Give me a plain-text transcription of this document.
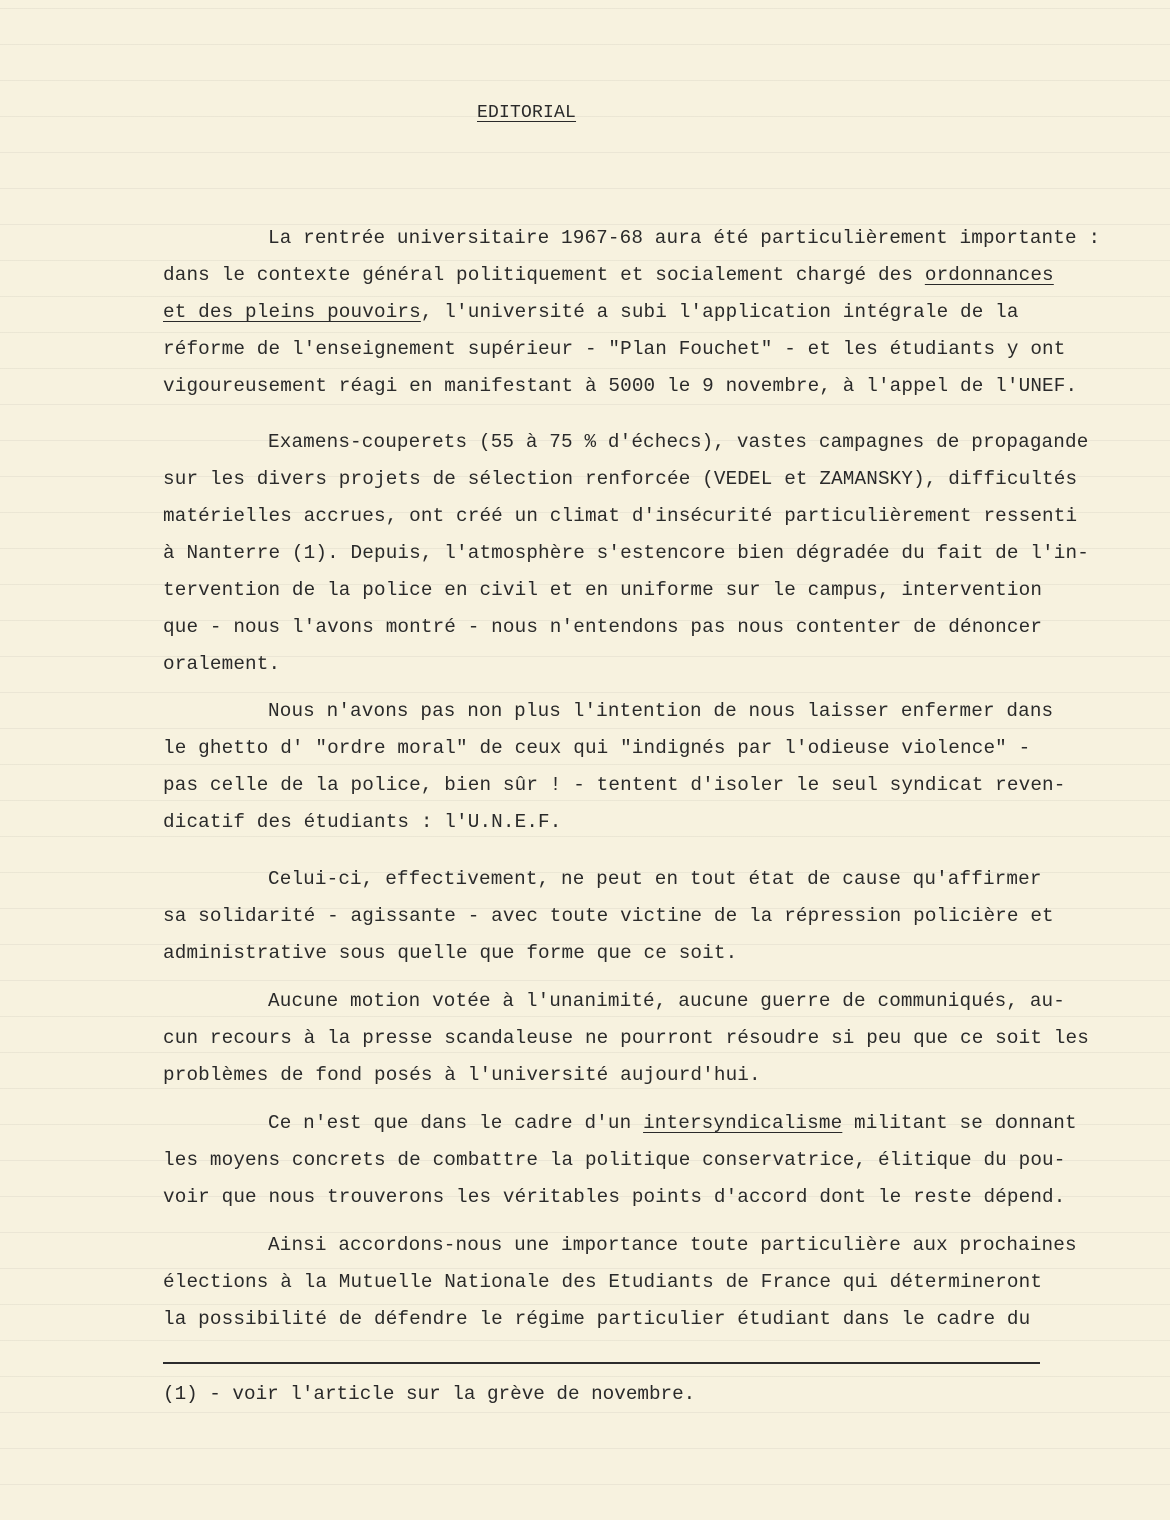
EDITORIAL
La rentrée universitaire 1967-68 aura été particulièrement importante :
dans le contexte général politiquement et socialement chargé des ordonnances
et des pleins pouvoirs, l'université a subi l'application intégrale de la
réforme de l'enseignement supérieur - "Plan Fouchet" - et les étudiants y ont
vigoureusement réagi en manifestant à 5000 le 9 novembre, à l'appel de l'UNEF.
Examens-couperets (55 à 75 % d'échecs), vastes campagnes de propagande
sur les divers projets de sélection renforcée (VEDEL et ZAMANSKY), difficultés
matérielles accrues, ont créé un climat d'insécurité particulièrement ressenti
à Nanterre (1). Depuis, l'atmosphère s'estencore bien dégradée du fait de l'in-
tervention de la police en civil et en uniforme sur le campus, intervention
que - nous l'avons montré - nous n'entendons pas nous contenter de dénoncer
oralement.
Nous n'avons pas non plus l'intention de nous laisser enfermer dans
le ghetto d' "ordre moral" de ceux qui "indignés par l'odieuse violence" -
pas celle de la police, bien sûr ! - tentent d'isoler le seul syndicat reven-
dicatif des étudiants : l'U.N.E.F.
Celui-ci, effectivement, ne peut en tout état de cause qu'affirmer
sa solidarité - agissante - avec toute victine de la répression policière et
administrative sous quelle que forme que ce soit.
Aucune motion votée à l'unanimité, aucune guerre de communiqués, au-
cun recours à la presse scandaleuse ne pourront résoudre si peu que ce soit les
problèmes de fond posés à l'université aujourd'hui.
Ce n'est que dans le cadre d'un intersyndicalisme militant se donnant
les moyens concrets de combattre la politique conservatrice, élitique du pou-
voir que nous trouverons les véritables points d'accord dont le reste dépend.
Ainsi accordons-nous une importance toute particulière aux prochaines
élections à la Mutuelle Nationale des Etudiants de France qui détermineront
la possibilité de défendre le régime particulier étudiant dans le cadre du
(1) - voir l'article sur la grève de novembre.
